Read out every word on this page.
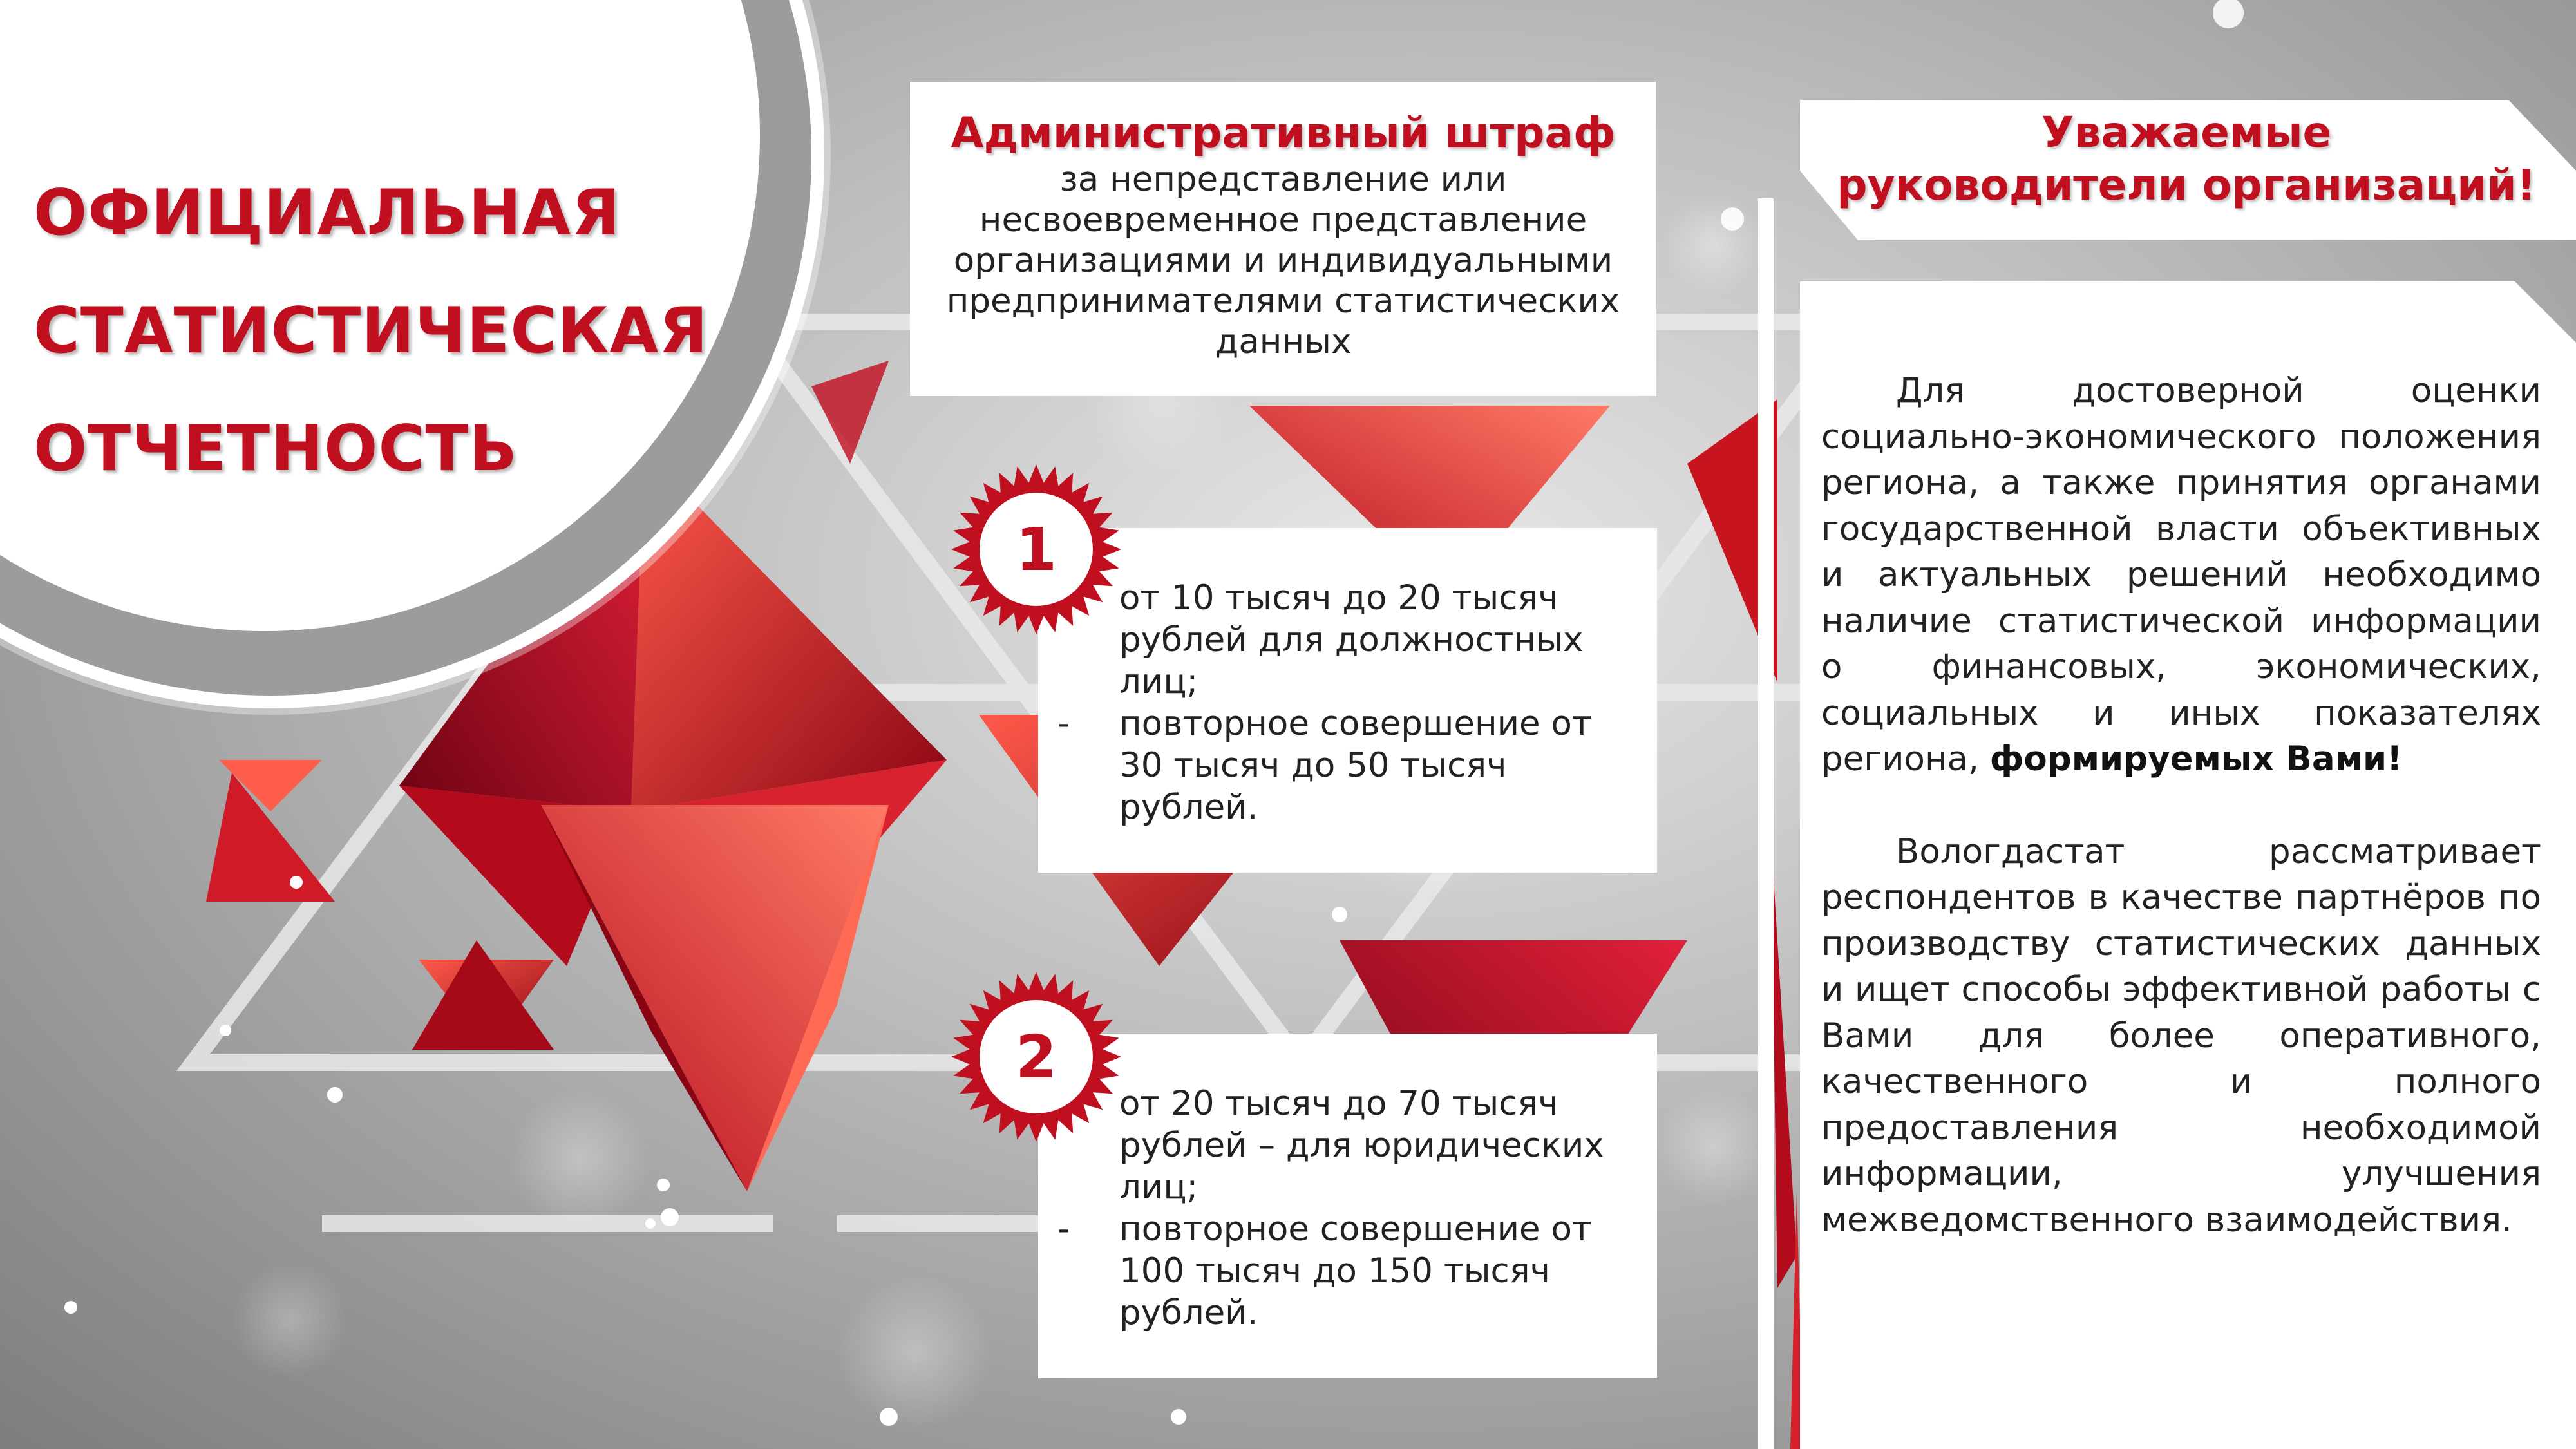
ОФИЦИАЛЬНАЯ
СТАТИСТИЧЕСКАЯ
ОТЧЕТНОСТЬ

Административный штраф

за непредставление или несвоевременное представление организациями и индивидуальными предпринимателями статистических данных

от 10 тысяч до 20 тысяч рублей для должностных лиц;
- повторное совершение от 30 тысяч до 50 тысяч рублей.
1
от 20 тысяч до 70 тысяч рублей – для юридических лиц;
- повторное совершение от 100 тысяч до 150 тысяч рублей.
2

Уважаемые
руководители организаций!

Для достоверной оценки социально-экономического положения региона, а также принятия органами государственной власти объективных и актуальных решений необходимо наличие статистической информации о финансовых, экономических, социальных и иных показателях региона, формируемых Вами!

Вологдастат рассматривает респондентов в качестве партнёров по производству статистических данных и ищет способы эффективной работы с Вами для более оперативного, качественного и полного предоставления необходимой информации, улучшения межведомственного взаимодействия.
